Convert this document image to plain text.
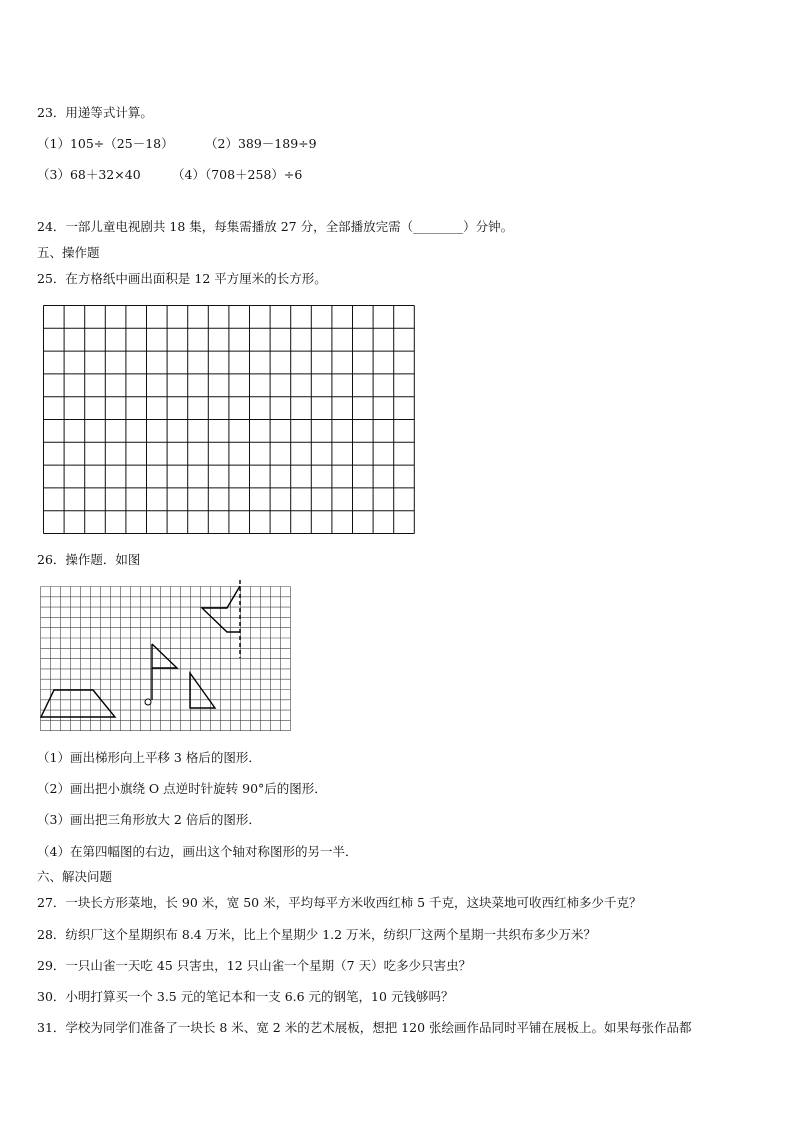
23．用递等式计算。
（1）105÷（25－18）	（2）389－189÷9
（3）68＋32×40	（4）（708＋258）÷6
24．一部儿童电视剧共 18 集，每集需播放 27 分，全部播放完需（________）分钟。
五、操作题
25．在方格纸中画出面积是 12 平方厘米的长方形。
26．操作题．如图
（1）画出梯形向上平移 3 格后的图形．
（2）画出把小旗绕 O 点逆时针旋转 90°后的图形．
（3）画出把三角形放大 2 倍后的图形．
（4）在第四幅图的右边，画出这个轴对称图形的另一半．
六、解决问题
27．一块长方形菜地，长 90 米，宽 50 米，平均每平方米收西红柿 5 千克，这块菜地可收西红柿多少千克？
28．纺织厂这个星期织布 8.4 万米，比上个星期少 1.2 万米，纺织厂这两个星期一共织布多少万米？
29．一只山雀一天吃 45 只害虫，12 只山雀一个星期（7 天）吃多少只害虫？
30．小明打算买一个 3.5 元的笔记本和一支 6.6 元的钢笔，10 元钱够吗？
31．学校为同学们准备了一块长 8 米、宽 2 米的艺术展板，想把 120 张绘画作品同时平铺在展板上。如果每张作品都
